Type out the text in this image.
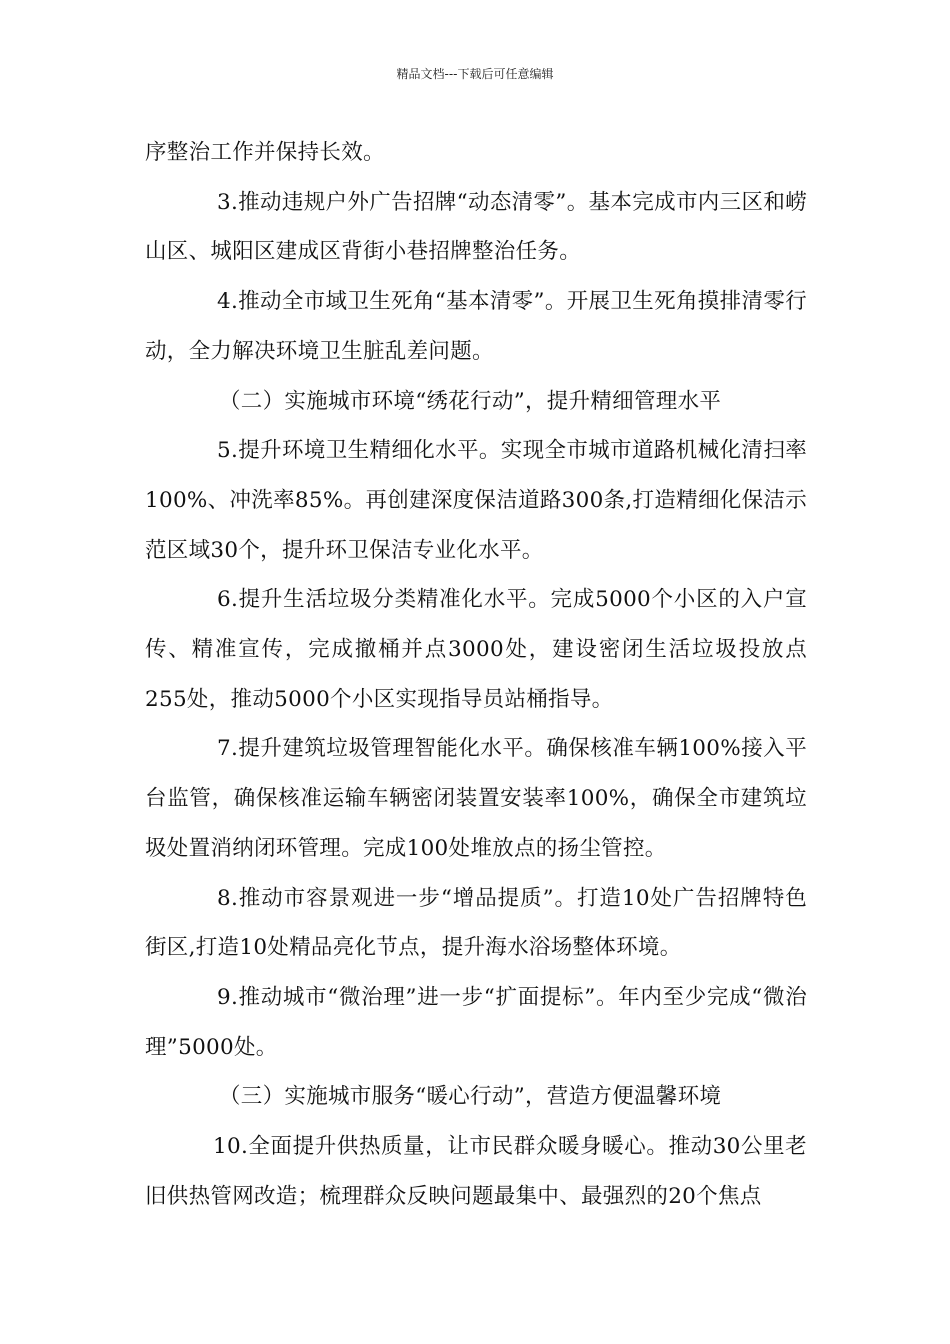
精品文档---下载后可任意编辑

序整治工作并保持长效。

3.推动违规户外广告招牌“动态清零”。基本完成市内三区和崂山区、城阳区建成区背街小巷招牌整治任务。

4.推动全市域卫生死角“基本清零”。开展卫生死角摸排清零行动，全力解决环境卫生脏乱差问题。

（二）实施城市环境“绣花行动”，提升精细管理水平

5.提升环境卫生精细化水平。实现全市城市道路机械化清扫率100%、冲洗率85%。再创建深度保洁道路300条,打造精细化保洁示范区域30个，提升环卫保洁专业化水平。

6.提升生活垃圾分类精准化水平。完成5000个小区的入户宣传、精准宣传，完成撤桶并点3000处，建设密闭生活垃圾投放点255处，推动5000个小区实现指导员站桶指导。

7.提升建筑垃圾管理智能化水平。确保核准车辆100%接入平台监管，确保核准运输车辆密闭装置安装率100%，确保全市建筑垃圾处置消纳闭环管理。完成100处堆放点的扬尘管控。

8.推动市容景观进一步“增品提质”。打造10处广告招牌特色街区,打造10处精品亮化节点，提升海水浴场整体环境。

9.推动城市“微治理”进一步“扩面提标”。年内至少完成“微治理”5000处。

（三）实施城市服务“暖心行动”，营造方便温馨环境

10.全面提升供热质量，让市民群众暖身暖心。推动30公里老旧供热管网改造；梳理群众反映问题最集中、最强烈的20个焦点
